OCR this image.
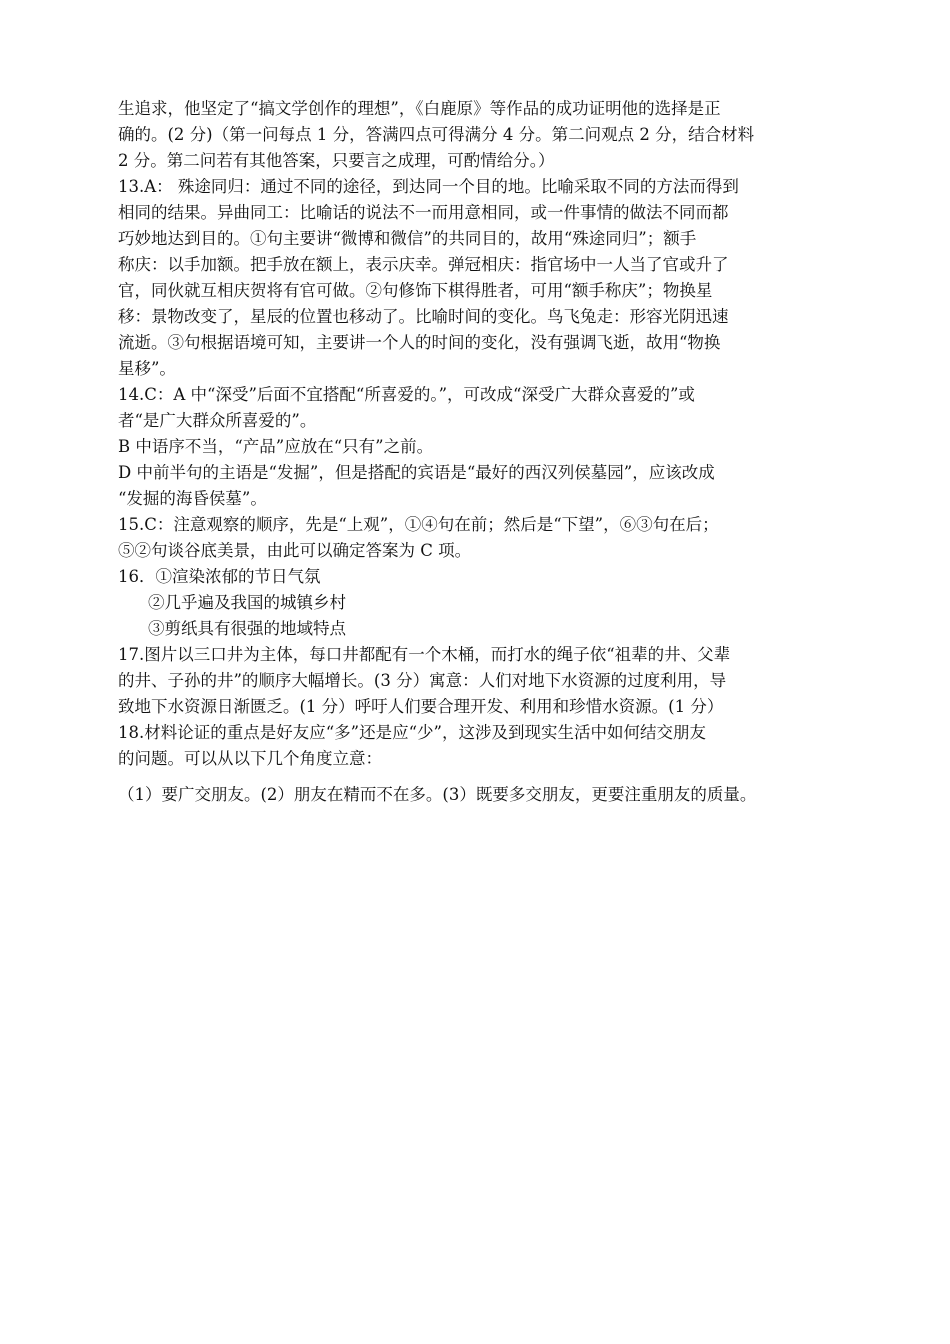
生追求，他坚定了“搞文学创作的理想”，《白鹿原》等作品的成功证明他的选择是正
确的。(2 分)（第一问每点 1 分，答满四点可得满分 4 分。第二问观点 2 分，结合材料
2 分。第二问若有其他答案，只要言之成理，可酌情给分。）
13.A： 殊途同归：通过不同的途径，到达同一个目的地。比喻采取不同的方法而得到
相同的结果。异曲同工：比喻话的说法不一而用意相同，或一件事情的做法不同而都
巧妙地达到目的。①句主要讲“微博和微信”的共同目的，故用“殊途同归”；额手
称庆：以手加额。把手放在额上，表示庆幸。弹冠相庆：指官场中一人当了官或升了
官，同伙就互相庆贺将有官可做。②句修饰下棋得胜者，可用“额手称庆”；物换星
移：景物改变了，星辰的位置也移动了。比喻时间的变化。鸟飞兔走：形容光阴迅速
流逝。③句根据语境可知，主要讲一个人的时间的变化，没有强调飞逝，故用“物换
星移”。
14.C：A 中“深受”后面不宜搭配“所喜爱的。”，可改成“深受广大群众喜爱的”或
者“是广大群众所喜爱的”。
B 中语序不当，“产品”应放在“只有”之前。
D 中前半句的主语是“发掘”，但是搭配的宾语是“最好的西汉列侯墓园”，应该改成
“发掘的海昏侯墓”。
15.C：注意观察的顺序，先是“上观”，①④句在前；然后是“下望”，⑥③句在后；
⑤②句谈谷底美景，由此可以确定答案为 C 项。
16．①渲染浓郁的节日气氛
②几乎遍及我国的城镇乡村
③剪纸具有很强的地域特点
17.图片以三口井为主体，每口井都配有一个木桶，而打水的绳子依“祖辈的井、父辈
的井、子孙的井”的顺序大幅增长。(3 分）寓意：人们对地下水资源的过度利用，导
致地下水资源日渐匮乏。(1 分）呼吁人们要合理开发、利用和珍惜水资源。(1 分）
18.材料论证的重点是好友应“多”还是应“少”，这涉及到现实生活中如何结交朋友
的问题。可以从以下几个角度立意：
（1）要广交朋友。(2）朋友在精而不在多。(3）既要多交朋友，更要注重朋友的质量。
